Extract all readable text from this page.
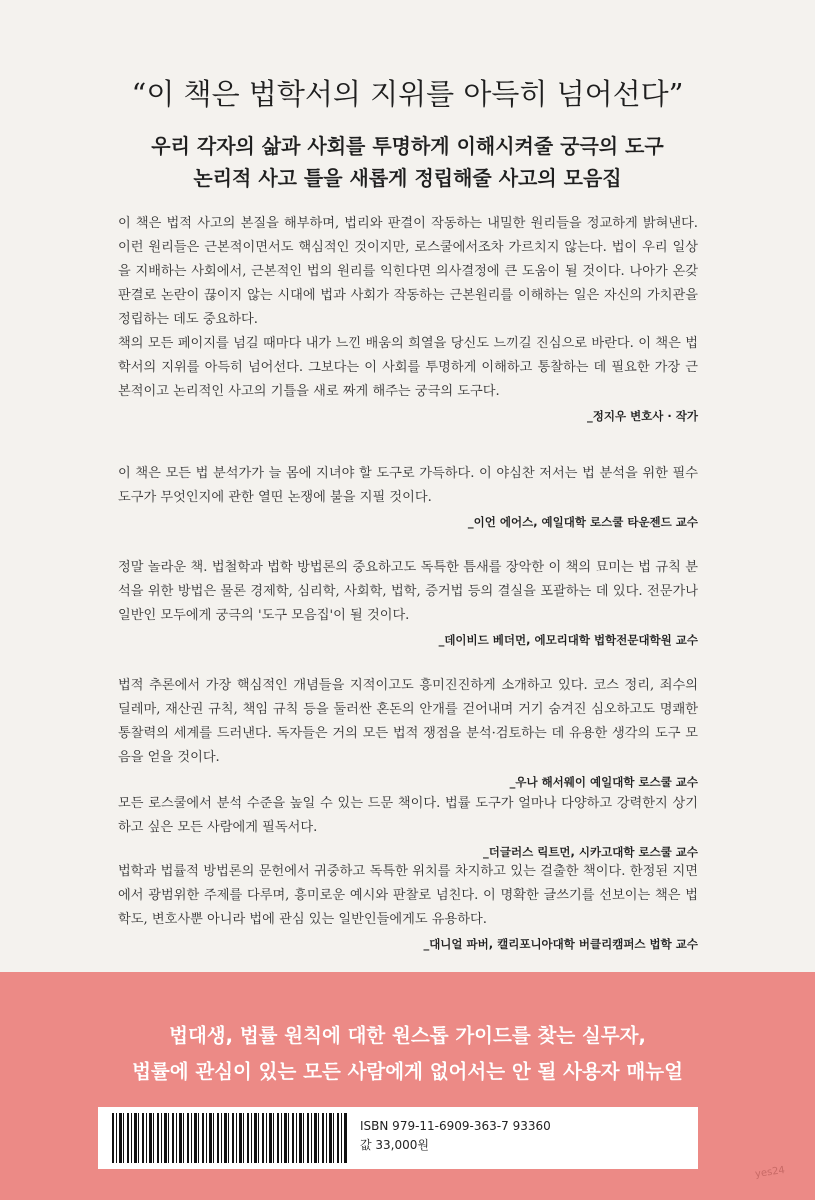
“이 책은 법학서의 지위를 아득히 넘어선다”
우리 각자의 삶과 사회를 투명하게 이해시켜줄 궁극의 도구
논리적 사고 틀을 새롭게 정립해줄 사고의 모음집

이 책은 법적 사고의 본질을 해부하며, 법리와 판결이 작동하는 내밀한 원리들을 정교하게 밝혀낸다. 이런 원리들은 근본적이면서도 핵심적인 것이지만, 로스쿨에서조차 가르치지 않는다. 법이 우리 일상을 지배하는 사회에서, 근본적인 법의 원리를 익힌다면 의사결정에 큰 도움이 될 것이다. 나아가 온갖 판결로 논란이 끊이지 않는 시대에 법과 사회가 작동하는 근본원리를 이해하는 일은 자신의 가치관을 정립하는 데도 중요하다.

책의 모든 페이지를 넘길 때마다 내가 느낀 배움의 희열을 당신도 느끼길 진심으로 바란다. 이 책은 법학서의 지위를 아득히 넘어선다. 그보다는 이 사회를 투명하게 이해하고 통찰하는 데 필요한 가장 근본적이고 논리적인 사고의 기틀을 새로 짜게 해주는 궁극의 도구다.

_정지우 변호사 · 작가

이 책은 모든 법 분석가가 늘 몸에 지녀야 할 도구로 가득하다. 이 야심찬 저서는 법 분석을 위한 필수 도구가 무엇인지에 관한 열띤 논쟁에 불을 지필 것이다.

_이언 에어스, 예일대학 로스쿨 타운젠드 교수

정말 놀라운 책. 법철학과 법학 방법론의 중요하고도 독특한 틈새를 장악한 이 책의 묘미는 법 규칙 분석을 위한 방법은 물론 경제학, 심리학, 사회학, 법학, 증거법 등의 결실을 포괄하는 데 있다. 전문가나 일반인 모두에게 궁극의 '도구 모음집'이 될 것이다.

_데이비드 베더먼, 에모리대학 법학전문대학원 교수

법적 추론에서 가장 핵심적인 개념들을 지적이고도 흥미진진하게 소개하고 있다. 코스 정리, 죄수의 딜레마, 재산권 규칙, 책임 규칙 등을 둘러싼 혼돈의 안개를 걷어내며 거기 숨겨진 심오하고도 명쾌한 통찰력의 세계를 드러낸다. 독자들은 거의 모든 법적 쟁점을 분석·검토하는 데 유용한 생각의 도구 모음을 얻을 것이다.

_우나 해서웨이 예일대학 로스쿨 교수

모든 로스쿨에서 분석 수준을 높일 수 있는 드문 책이다. 법률 도구가 얼마나 다양하고 강력한지 상기하고 싶은 모든 사람에게 필독서다.

_더글러스 릭트먼, 시카고대학 로스쿨 교수

법학과 법률적 방법론의 문헌에서 귀중하고 독특한 위치를 차지하고 있는 걸출한 책이다. 한정된 지면에서 광범위한 주제를 다루며, 흥미로운 예시와 판찰로 넘친다. 이 명확한 글쓰기를 선보이는 책은 법학도, 변호사뿐 아니라 법에 관심 있는 일반인들에게도 유용하다.

_대니얼 파버, 캘리포니아대학 버클리캠퍼스 법학 교수
법대생, 법률 원칙에 대한 원스톱 가이드를 찾는 실무자,
법률에 관심이 있는 모든 사람에게 없어서는 안 될 사용자 매뉴얼
ISBN 979-11-6909-363-7 93360
값 33,000원
yes24
